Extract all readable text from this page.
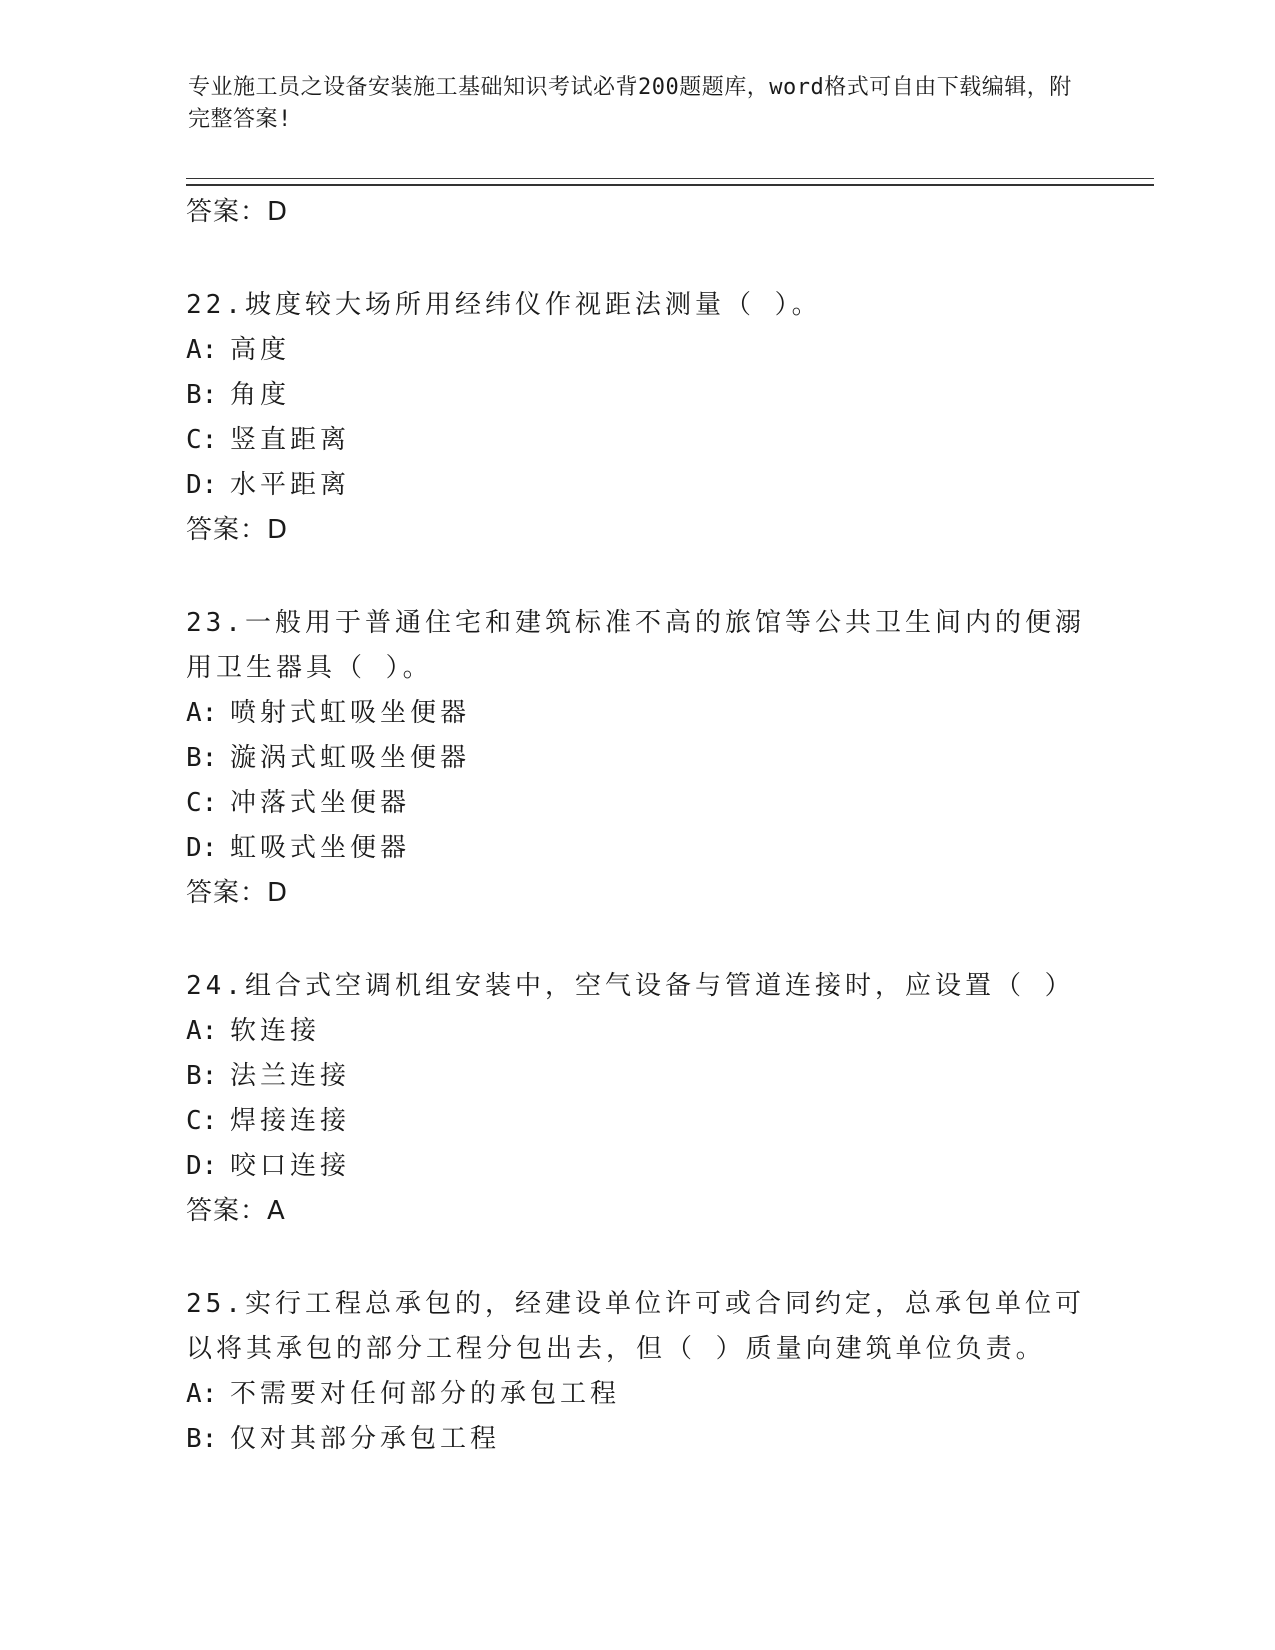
专业施工员之设备安装施工基础知识考试必背200题题库，word格式可自由下载编辑，附完整答案!
答案：D
22.坡度较大场所用经纬仪作视距法测量（ ）。
A: 高度
B: 角度
C: 竖直距离
D: 水平距离
答案：D
23.一般用于普通住宅和建筑标准不高的旅馆等公共卫生间内的便溺用卫生器具（ ）。
A: 喷射式虹吸坐便器
B: 漩涡式虹吸坐便器
C: 冲落式坐便器
D: 虹吸式坐便器
答案：D
24.组合式空调机组安装中，空气设备与管道连接时，应设置（ ）
A: 软连接
B: 法兰连接
C: 焊接连接
D: 咬口连接
答案：A
25.实行工程总承包的，经建设单位许可或合同约定，总承包单位可以将其承包的部分工程分包出去，但（ ）质量向建筑单位负责。
A: 不需要对任何部分的承包工程
B: 仅对其部分承包工程
